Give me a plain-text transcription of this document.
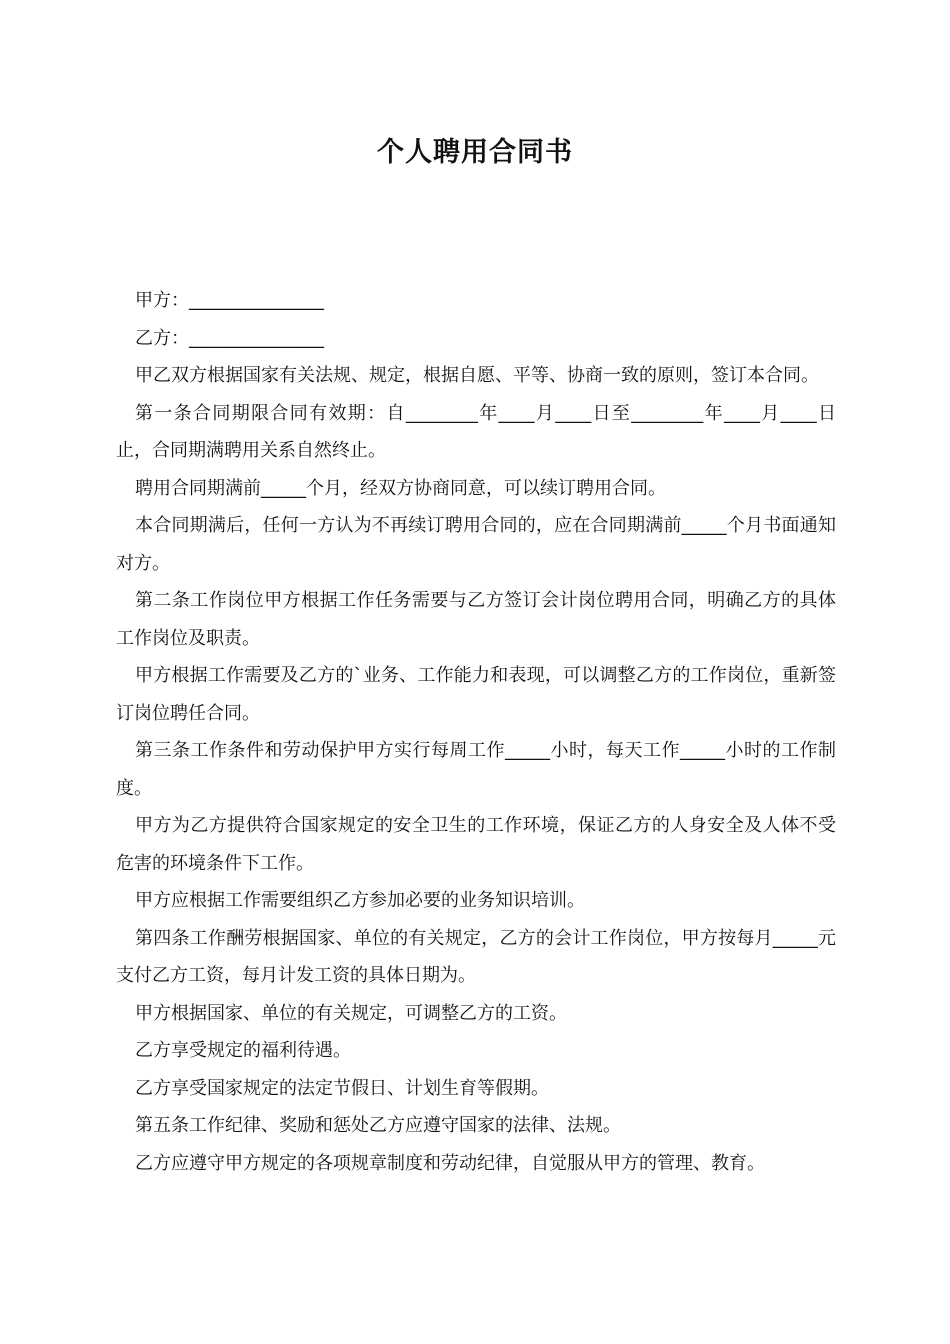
个人聘用合同书

甲方：_______________

乙方：_______________

甲乙双方根据国家有关法规、规定，根据自愿、平等、协商一致的原则，签订本合同。

第一条合同期限合同有效期：自________年____月____日至________年____月____日止，合同期满聘用关系自然终止。

聘用合同期满前_____个月，经双方协商同意，可以续订聘用合同。

本合同期满后，任何一方认为不再续订聘用合同的，应在合同期满前_____个月书面通知对方。

第二条工作岗位甲方根据工作任务需要与乙方签订会计岗位聘用合同，明确乙方的具体工作岗位及职责。

甲方根据工作需要及乙方的`业务、工作能力和表现，可以调整乙方的工作岗位，重新签订岗位聘任合同。

第三条工作条件和劳动保护甲方实行每周工作_____小时，每天工作_____小时的工作制度。

甲方为乙方提供符合国家规定的安全卫生的工作环境，保证乙方的人身安全及人体不受危害的环境条件下工作。

甲方应根据工作需要组织乙方参加必要的业务知识培训。

第四条工作酬劳根据国家、单位的有关规定，乙方的会计工作岗位，甲方按每月_____元支付乙方工资，每月计发工资的具体日期为。

甲方根据国家、单位的有关规定，可调整乙方的工资。

乙方享受规定的福利待遇。

乙方享受国家规定的法定节假日、计划生育等假期。

第五条工作纪律、奖励和惩处乙方应遵守国家的法律、法规。

乙方应遵守甲方规定的各项规章制度和劳动纪律，自觉服从甲方的管理、教育。
